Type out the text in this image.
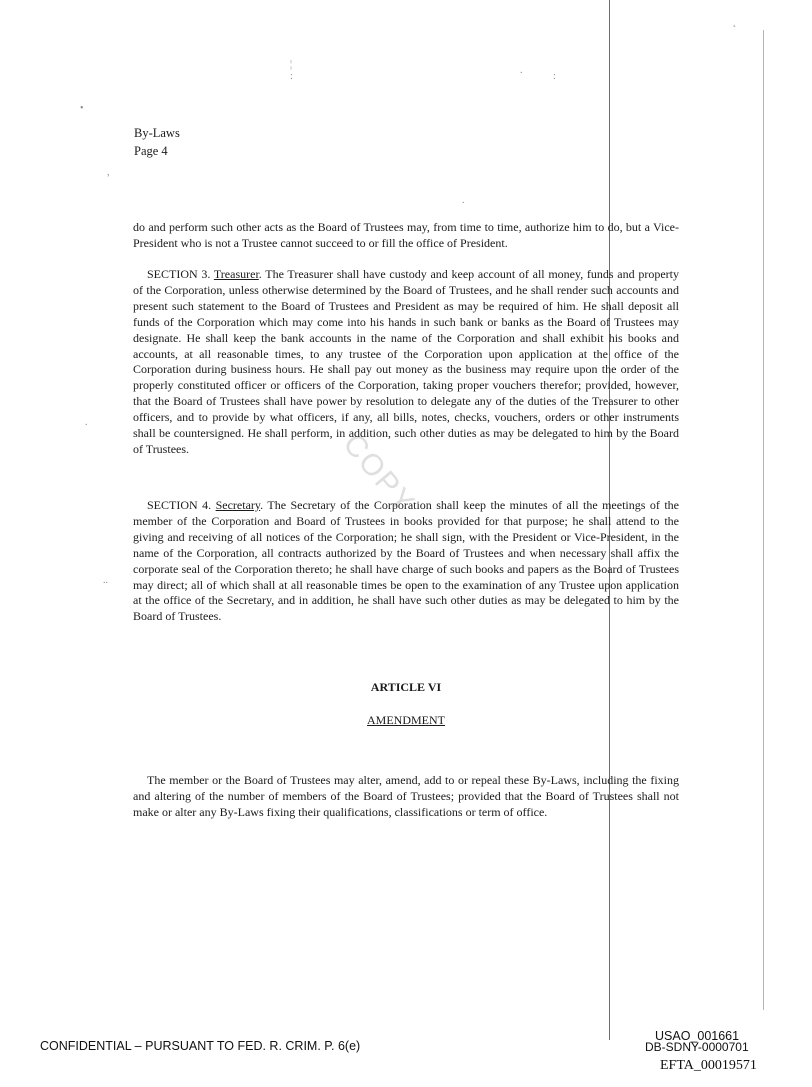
¦
:
.
:
•
,
.
˛
..
.
By-Laws
Page 4

do and perform such other acts as the Board of Trustees may, from time to time, authorize him to do, but a Vice-President who is not a Trustee cannot succeed to or fill the office of President.

SECTION 3. Treasurer. The Treasurer shall have custody and keep account of all money, funds and property of the Corporation, unless otherwise determined by the Board of Trustees, and he shall render such accounts and present such statement to the Board of Trustees and President as may be required of him. He shall deposit all funds of the Corporation which may come into his hands in such bank or banks as the Board of Trustees may designate. He shall keep the bank accounts in the name of the Corporation and shall exhibit his books and accounts, at all reasonable times, to any trustee of the Corporation upon application at the office of the Corporation during business hours. He shall pay out money as the business may require upon the order of the properly constituted officer or officers of the Corporation, taking proper vouchers therefor; provided, however, that the Board of Trustees shall have power by resolution to delegate any of the duties of the Treasurer to other officers, and to provide by what officers, if any, all bills, notes, checks, vouchers, orders or other instruments shall be countersigned. He shall perform, in addition, such other duties as may be delegated to him by the Board of Trustees.

SECTION 4. Secretary. The Secretary of the Corporation shall keep the minutes of all the meetings of the member of the Corporation and Board of Trustees in books provided for that purpose; he shall attend to the giving and receiving of all notices of the Corporation; he shall sign, with the President or Vice-President, in the name of the Corporation, all contracts authorized by the Board of Trustees and when necessary shall affix the corporate seal of the Corporation thereto; he shall have charge of such books and papers as the Board of Trustees may direct; all of which shall at all reasonable times be open to the examination of any Trustee upon application at the office of the Secretary, and in addition, he shall have such other duties as may be delegated to him by the Board of Trustees.

ARTICLE VI

AMENDMENT

The member or the Board of Trustees may alter, amend, add to or repeal these By-Laws, including the fixing and altering of the number of members of the Board of Trustees; provided that the Board of Trustees shall not make or alter any By-Laws fixing their qualifications, classifications or term of office.

COPY
CONFIDENTIAL – PURSUANT TO FED. R. CRIM. P. 6(e)
USAO_001661
DB-SDNY-0000701
EFTA_00019571
